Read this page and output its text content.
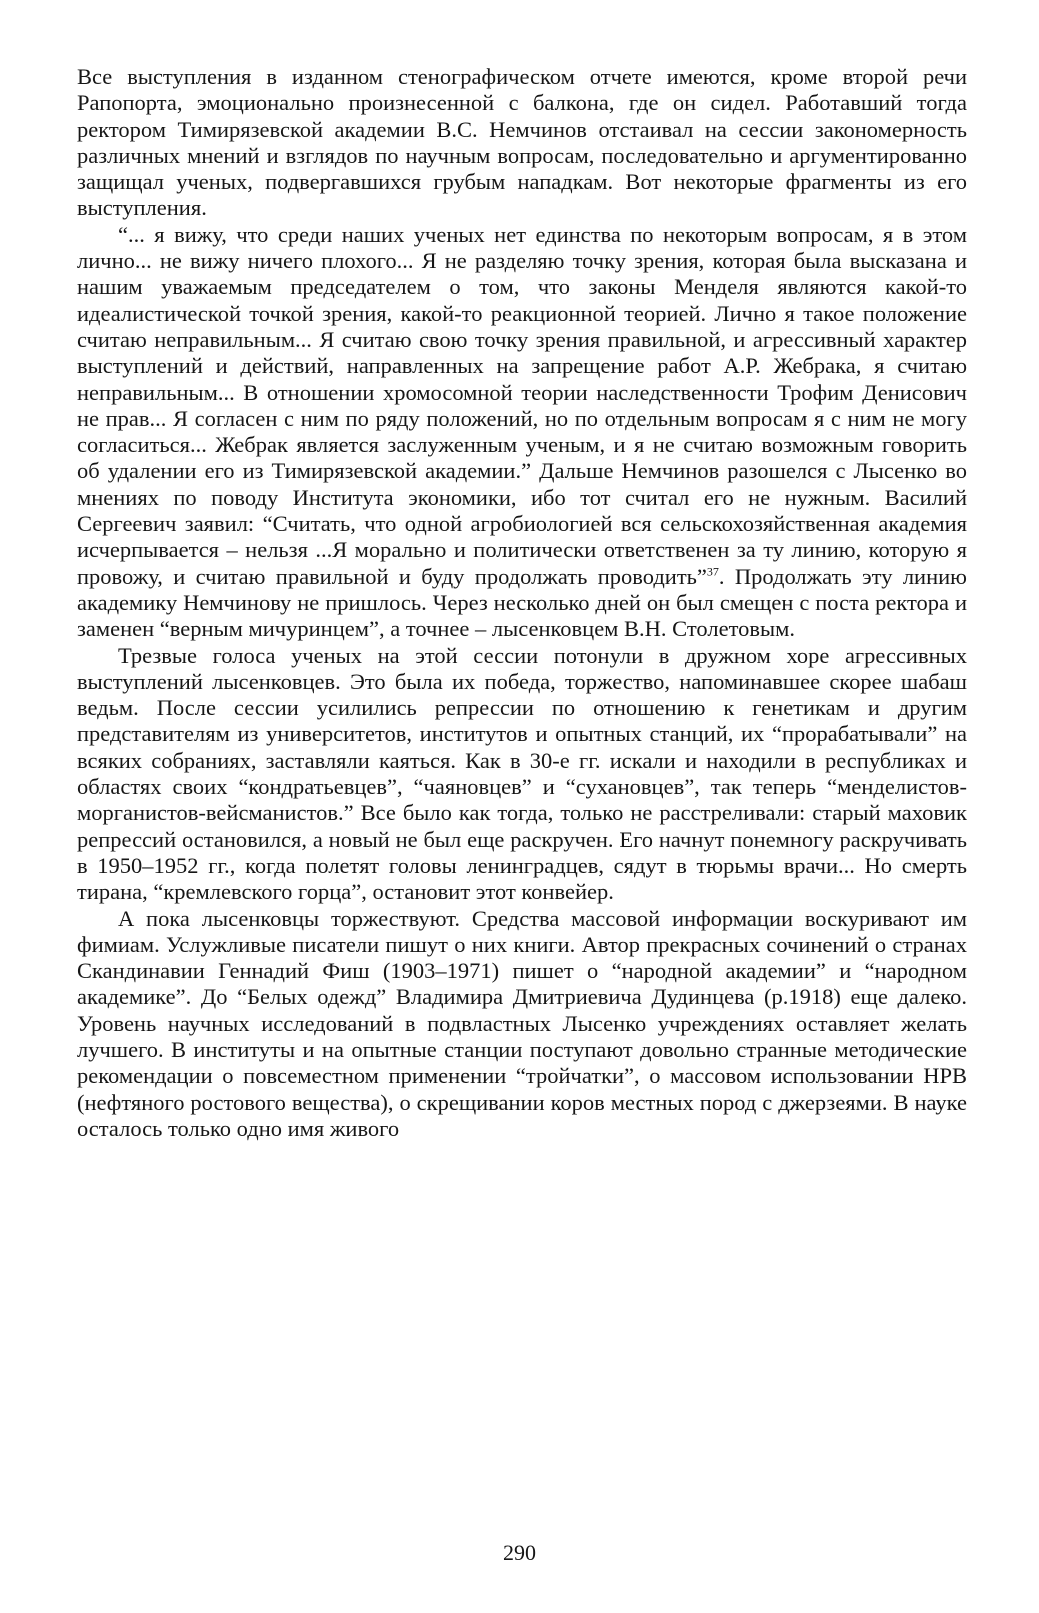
Все выступления в изданном стенографическом отчете имеются, кроме второй речи Рапопорта, эмоционально произнесенной с балкона, где он сидел. Работавший тогда ректором Тимирязевской академии В.С. Немчинов отстаивал на сессии закономерность различных мнений и взглядов по научным вопросам, последовательно и аргументированно защищал ученых, подвергавшихся грубым нападкам. Вот некоторые фрагменты из его выступления.

“... я вижу, что среди наших ученых нет единства по некоторым вопросам, я в этом лично... не вижу ничего плохого... Я не разделяю точку зрения, которая была высказана и нашим уважаемым председателем о том, что законы Менделя являются какой-то идеалистической точкой зрения, какой-то реакционной теорией. Лично я такое положение считаю неправильным... Я считаю свою точку зрения правильной, и агрессивный характер выступлений и действий, направленных на запрещение работ А.Р. Жебрака, я считаю неправильным... В отношении хромосомной теории наследственности Трофим Денисович не прав... Я согласен с ним по ряду положений, но по отдельным вопросам я с ним не могу согласиться... Жебрак является заслуженным ученым, и я не считаю возможным говорить об удалении его из Тимирязевской академии.” Дальше Немчинов разошелся с Лысенко во мнениях по поводу Института экономики, ибо тот считал его не нужным. Василий Сергеевич заявил: “Считать, что одной агробиологией вся сельскохозяйственная академия исчерпывается – нельзя ...Я морально и политически ответственен за ту линию, которую я провожу, и считаю правильной и буду продолжать проводить”$^{37}$. Продолжать эту линию академику Немчинову не пришлось. Через несколько дней он был смещен с поста ректора и заменен “верным мичуринцем”, а точнее – лысенковцем В.Н. Столетовым.

Трезвые голоса ученых на этой сессии потонули в дружном хоре агрессивных выступлений лысенковцев. Это была их победа, торжество, напоминавшее скорее шабаш ведьм. После сессии усилились репрессии по отношению к генетикам и другим представителям из университетов, институтов и опытных станций, их “прорабатывали” на всяких собраниях, заставляли каяться. Как в 30-е гг. искали и находили в республиках и областях своих “кондратьевцев”, “чаяновцев” и “сухановцев”, так теперь “менделистов-морганистов-вейсманистов.” Все было как тогда, только не расстреливали: старый маховик репрессий остановился, а новый не был еще раскручен. Его начнут понемногу раскручивать в 1950–1952 гг., когда полетят головы ленинградцев, сядут в тюрьмы врачи... Но смерть тирана, “кремлевского горца”, остановит этот конвейер.

А пока лысенковцы торжествуют. Средства массовой информации воскуривают им фимиам. Услужливые писатели пишут о них книги. Автор прекрасных сочинений о странах Скандинавии Геннадий Фиш (1903–1971) пишет о “народной академии” и “народном академике”. До “Белых одежд” Владимира Дмитриевича Дудинцева (р.1918) еще далеко. Уровень научных исследований в подвластных Лысенко учреждениях оставляет желать лучшего. В институты и на опытные станции поступают довольно странные методические рекомендации о повсеместном применении “тройчатки”, о массовом использовании НРВ (нефтяного ростового вещества), о скрещивании коров местных пород с джерзеями. В науке осталось только одно имя живого

290
